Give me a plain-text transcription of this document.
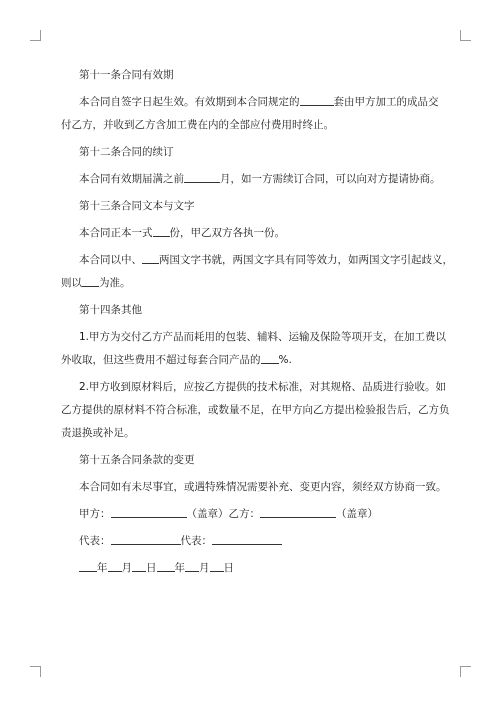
第十一条合同有效期
本合同自签字日起生效。有效期到本合同规定的	套由甲方加工的成品交
付乙方，并收到乙方含加工费在内的全部应付费用时终止。
第十二条合同的续订
本合同有效期届满之前	月，如一方需续订合同，可以向对方提请协商。
第十三条合同文本与文字
本合同正本一式 份，甲乙双方各执一份。
本合同以中、 两国文字书就，两国文字具有同等效力，如两国文字引起歧义，
则以 为准。
第十四条其他
1.甲方为交付乙方产品而耗用的包装、辅料、运输及保险等项开支，在加工费以
外收取，但这些费用不超过每套合同产品的 %.
2.甲方收到原材料后，应按乙方提供的技术标准，对其规格、品质进行验收。如
乙方提供的原材料不符合标准，或数量不足，在甲方向乙方提出检验报告后，乙方负
责退换或补足。
第十五条合同条款的变更
本合同如有未尽事宜，或遇特殊情况需要补充、变更内容，须经双方协商一致。
甲方：	（盖章）乙方：	（盖章）
代表：	代表：
年 月 日 年 月 日
